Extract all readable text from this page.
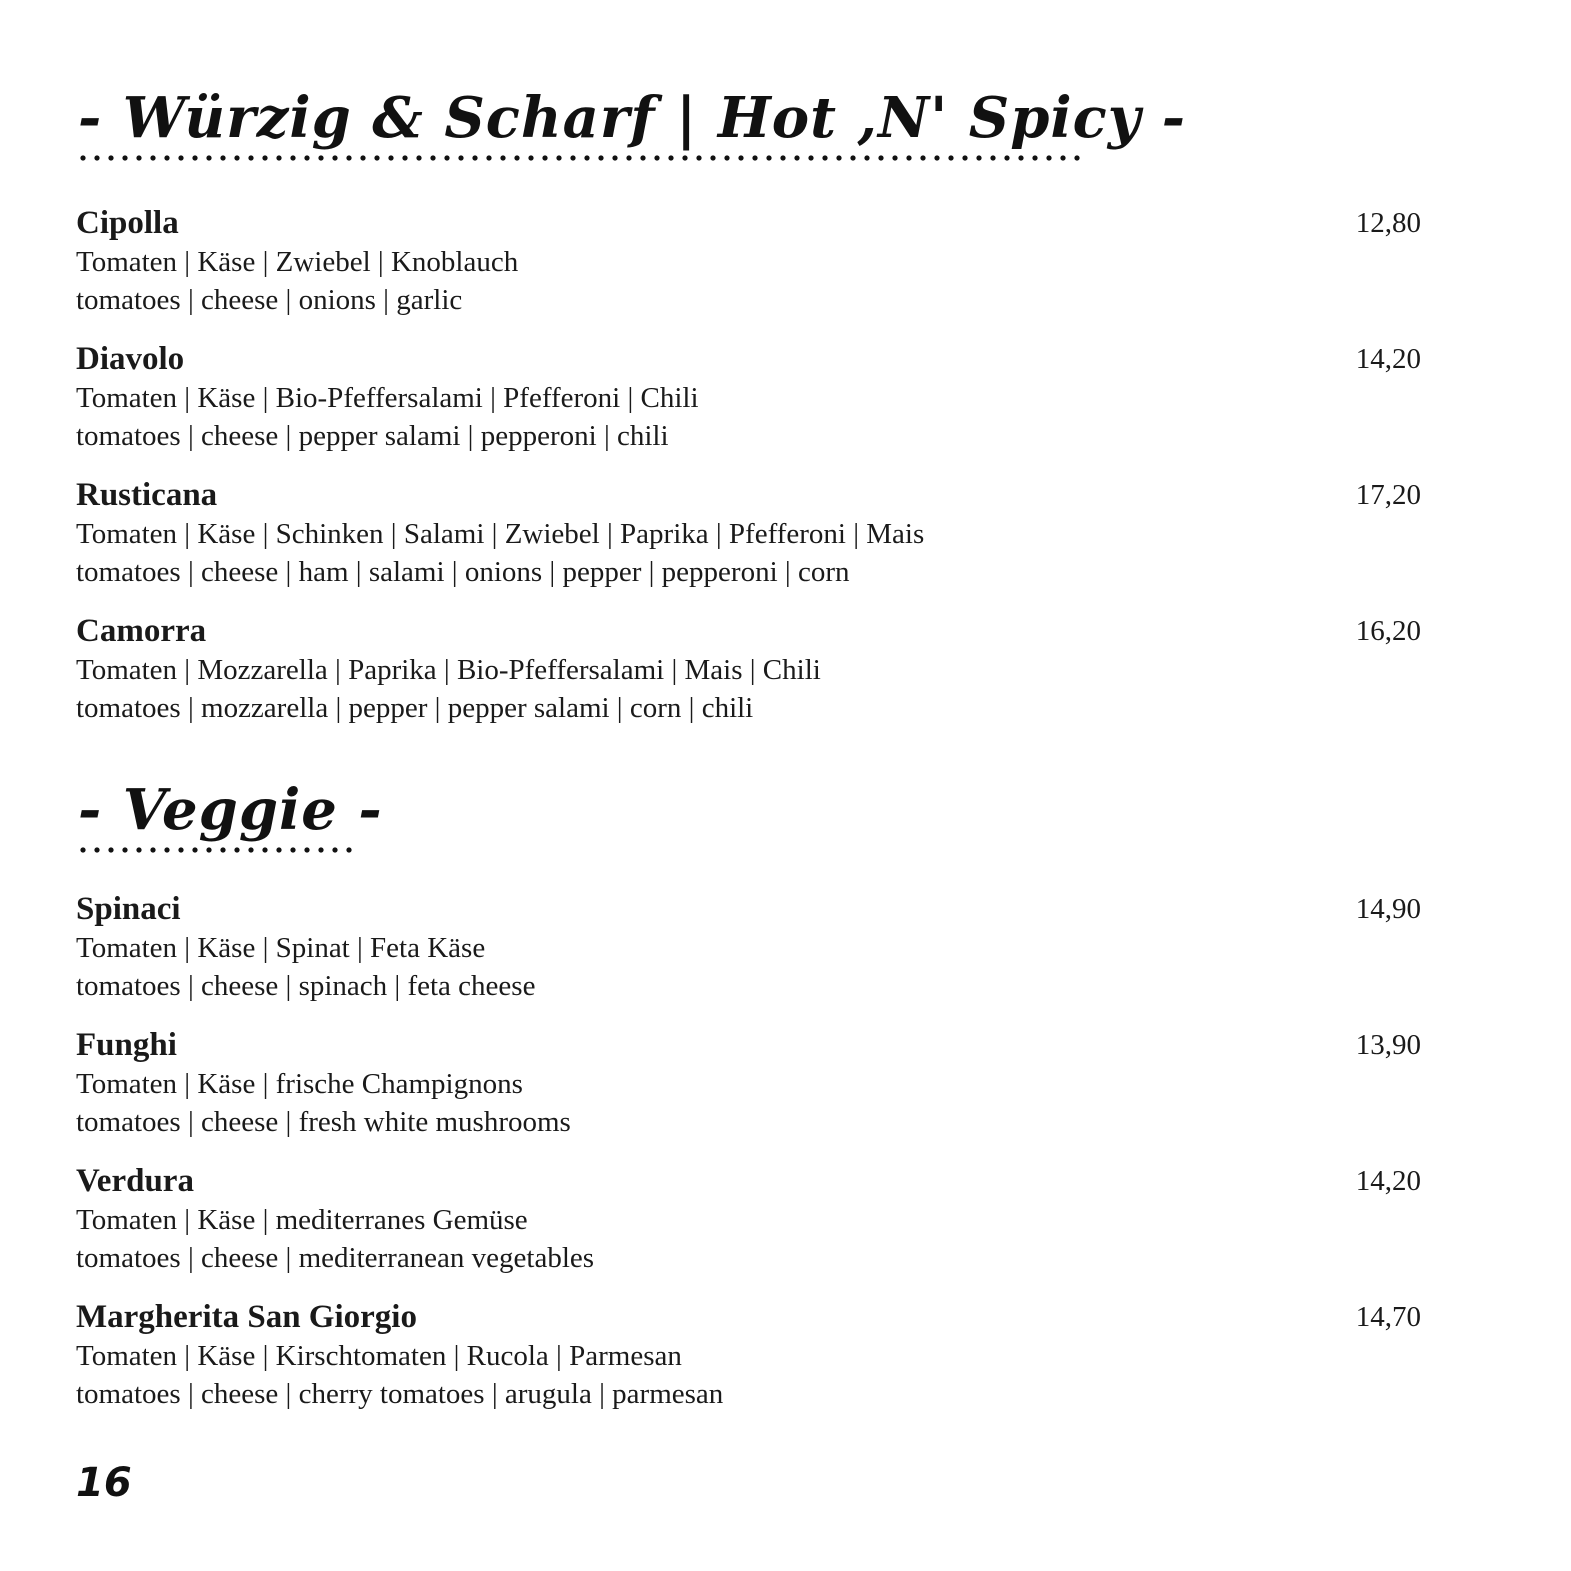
- Würzig & Scharf | Hot ,N' Spicy -
Cipolla	12,80
Tomaten | Käse | Zwiebel | Knoblauch
tomatoes | cheese | onions | garlic
Diavolo	14,20
Tomaten | Käse | Bio-Pfeffersalami | Pfefferoni | Chili
tomatoes | cheese | pepper salami | pepperoni | chili
Rusticana	17,20
Tomaten | Käse | Schinken | Salami | Zwiebel | Paprika | Pfefferoni | Mais
tomatoes | cheese | ham | salami | onions | pepper | pepperoni | corn
Camorra	16,20
Tomaten | Mozzarella | Paprika | Bio-Pfeffersalami | Mais | Chili
tomatoes | mozzarella | pepper | pepper salami | corn | chili
- Veggie -
Spinaci	14,90
Tomaten | Käse | Spinat | Feta Käse
tomatoes | cheese | spinach | feta cheese
Funghi	13,90
Tomaten | Käse | frische Champignons
tomatoes | cheese | fresh white mushrooms
Verdura	14,20
Tomaten | Käse | mediterranes Gemüse
tomatoes | cheese | mediterranean vegetables
Margherita San Giorgio	14,70
Tomaten | Käse | Kirschtomaten | Rucola | Parmesan
tomatoes | cheese | cherry tomatoes | arugula | parmesan
16
